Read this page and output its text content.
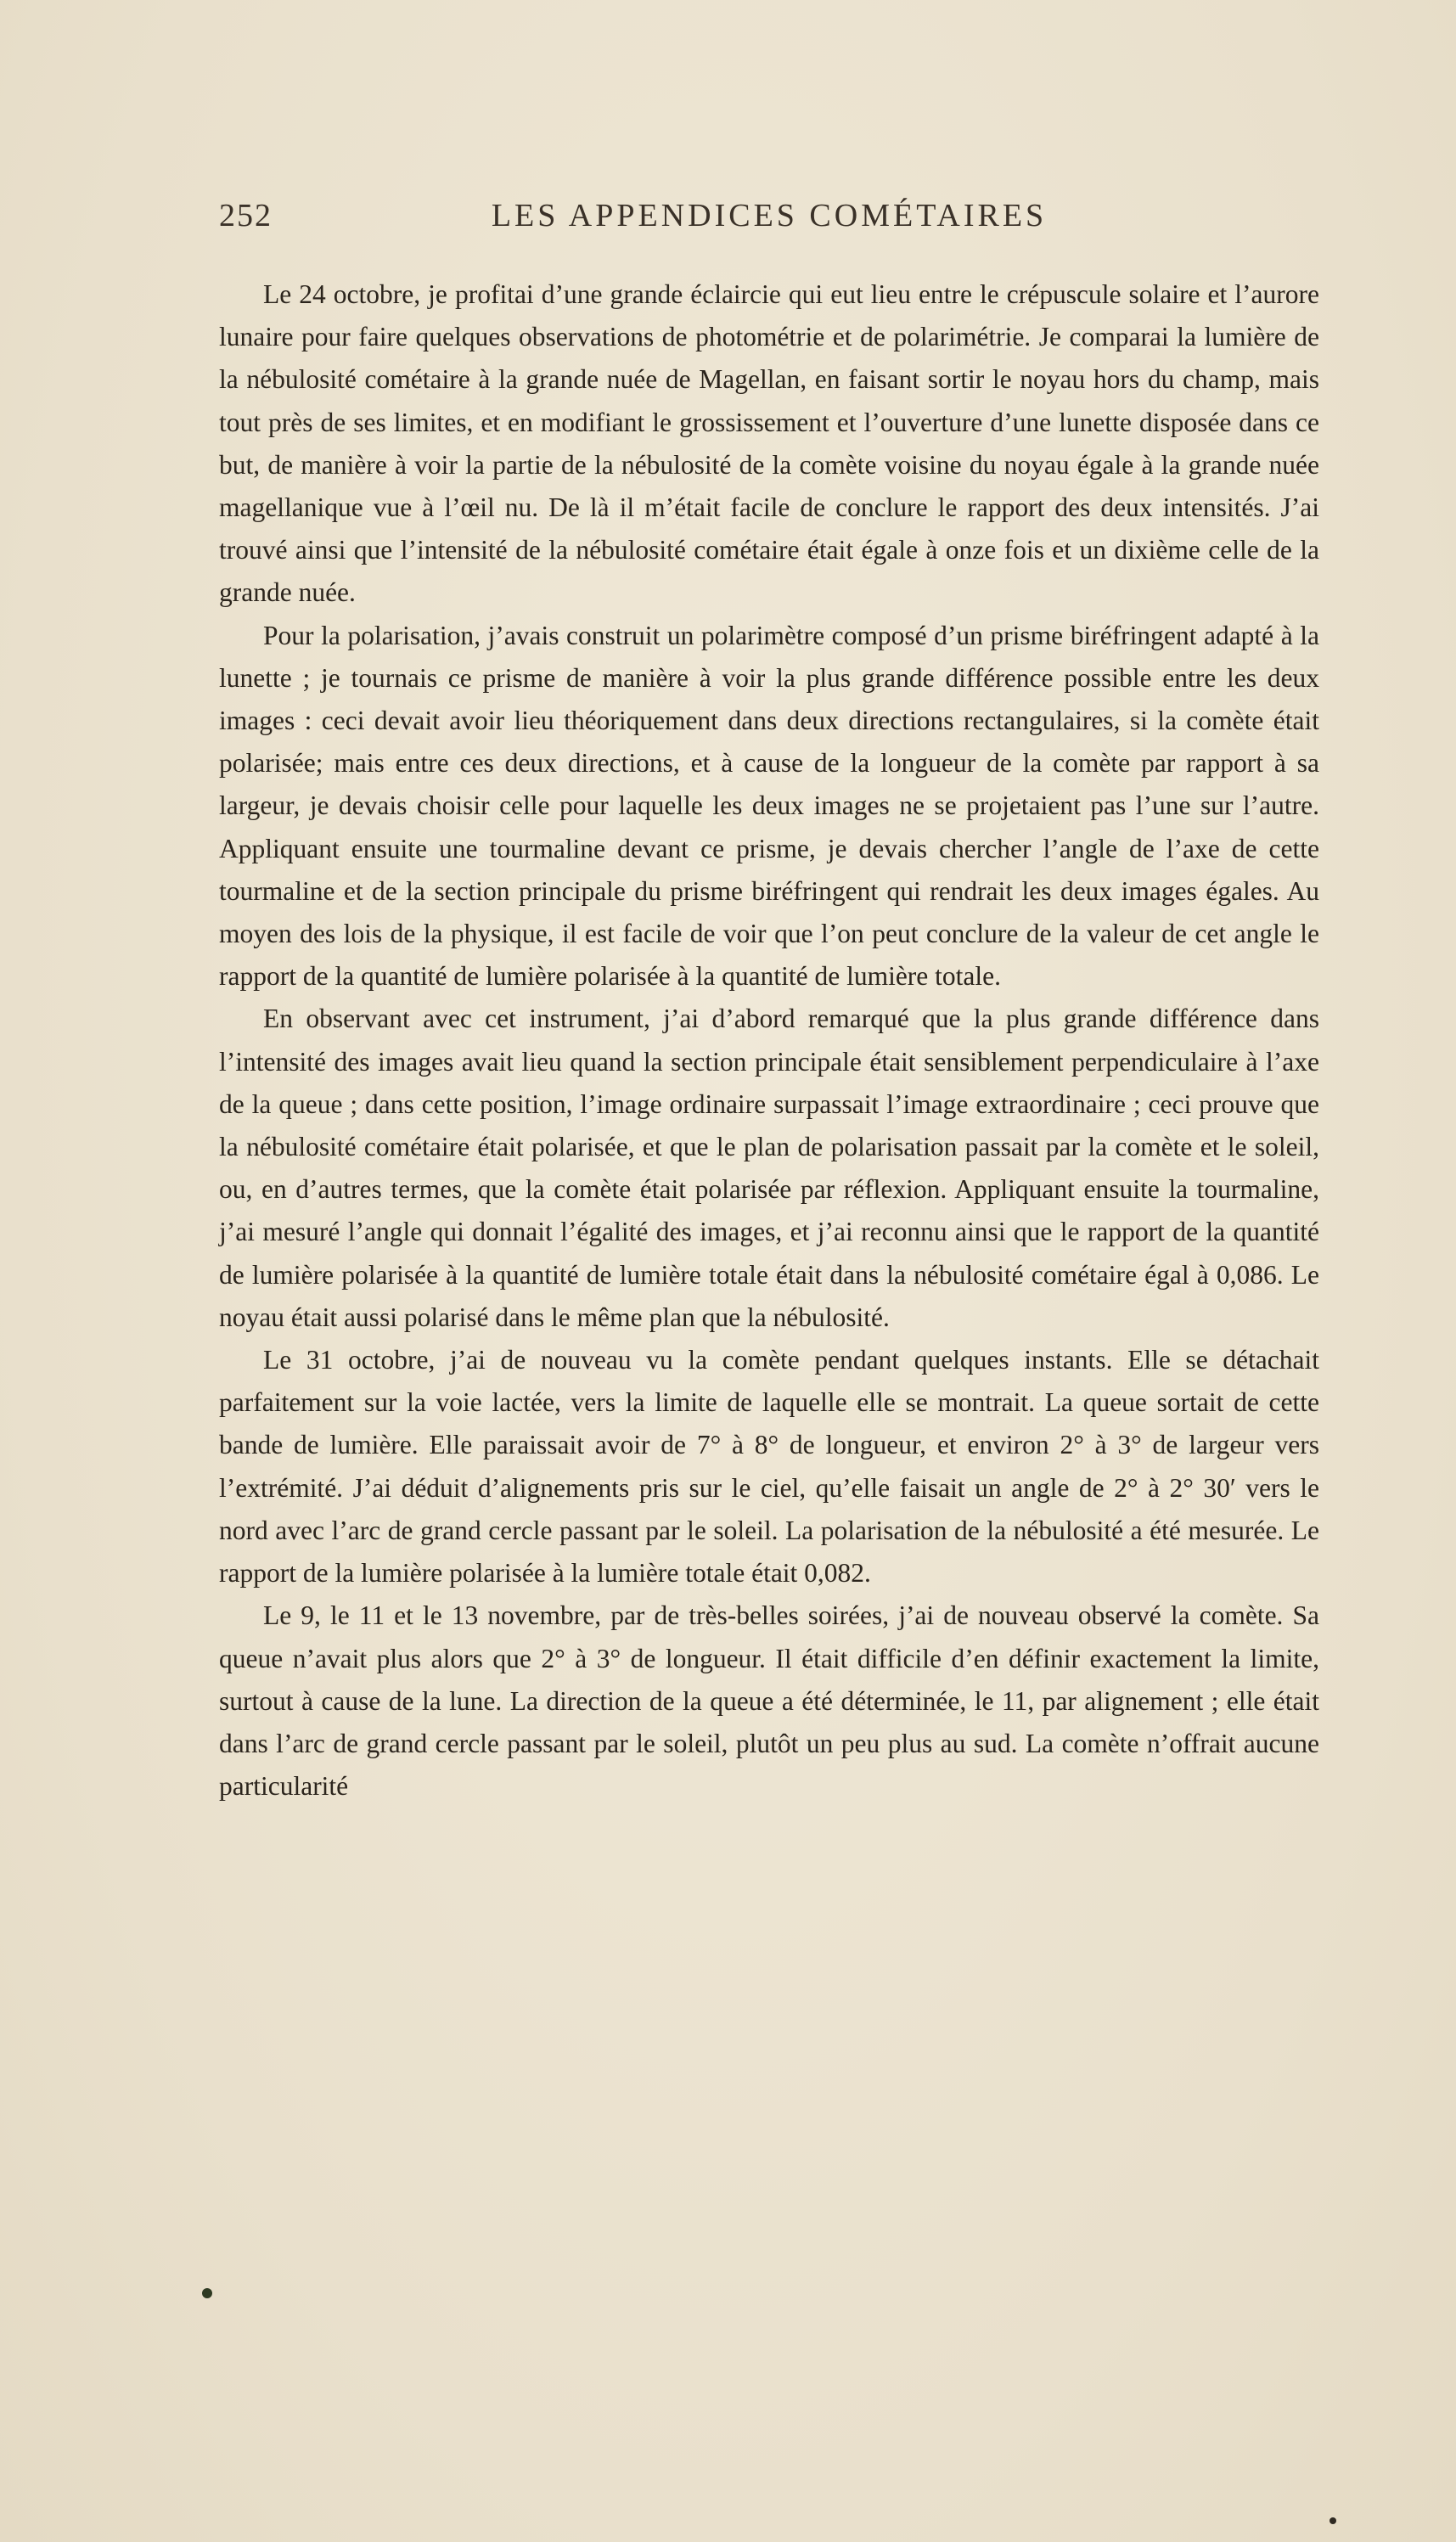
252	LES APPENDICES COMÉTAIRES

Le 24 octobre, je profitai d’une grande éclaircie qui eut lieu entre le crépuscule solaire et l’aurore lunaire pour faire quelques observations de photométrie et de polarimétrie. Je comparai la lumière de la nébulosité cométaire à la grande nuée de Magellan, en faisant sortir le noyau hors du champ, mais tout près de ses limites, et en modifiant le grossissement et l’ouverture d’une lunette disposée dans ce but, de manière à voir la partie de la nébulosité de la comète voisine du noyau égale à la grande nuée magellanique vue à l’œil nu. De là il m’était facile de conclure le rapport des deux intensités. J’ai trouvé ainsi que l’intensité de la nébulosité cométaire était égale à onze fois et un dixième celle de la grande nuée.

Pour la polarisation, j’avais construit un polarimètre composé d’un prisme biréfringent adapté à la lunette ; je tournais ce prisme de manière à voir la plus grande différence possible entre les deux images : ceci devait avoir lieu théoriquement dans deux directions rectangulaires, si la comète était polarisée; mais entre ces deux directions, et à cause de la longueur de la comète par rapport à sa largeur, je devais choisir celle pour laquelle les deux images ne se projetaient pas l’une sur l’autre. Appliquant ensuite une tourmaline devant ce prisme, je devais chercher l’angle de l’axe de cette tourmaline et de la section principale du prisme biréfringent qui rendrait les deux images égales. Au moyen des lois de la physique, il est facile de voir que l’on peut conclure de la valeur de cet angle le rapport de la quantité de lumière polarisée à la quantité de lumière totale.

En observant avec cet instrument, j’ai d’abord remarqué que la plus grande différence dans l’intensité des images avait lieu quand la section principale était sensiblement perpendiculaire à l’axe de la queue ; dans cette position, l’image ordinaire surpassait l’image extraordinaire ; ceci prouve que la nébulosité cométaire était polarisée, et que le plan de polarisation passait par la comète et le soleil, ou, en d’autres termes, que la comète était polarisée par réflexion. Appliquant ensuite la tourmaline, j’ai mesuré l’angle qui donnait l’égalité des images, et j’ai reconnu ainsi que le rapport de la quantité de lumière polarisée à la quantité de lumière totale était dans la nébulosité cométaire égal à 0,086. Le noyau était aussi polarisé dans le même plan que la nébulosité.

Le 31 octobre, j’ai de nouveau vu la comète pendant quelques instants. Elle se détachait parfaitement sur la voie lactée, vers la limite de laquelle elle se montrait. La queue sortait de cette bande de lumière. Elle paraissait avoir de 7° à 8° de longueur, et environ 2° à 3° de largeur vers l’extrémité. J’ai déduit d’alignements pris sur le ciel, qu’elle faisait un angle de 2° à 2° 30′ vers le nord avec l’arc de grand cercle passant par le soleil. La polarisation de la nébulosité a été mesurée. Le rapport de la lumière polarisée à la lumière totale était 0,082.

Le 9, le 11 et le 13 novembre, par de très-belles soirées, j’ai de nouveau observé la comète. Sa queue n’avait plus alors que 2° à 3° de longueur. Il était difficile d’en définir exactement la limite, surtout à cause de la lune. La direction de la queue a été déterminée, le 11, par alignement ; elle était dans l’arc de grand cercle passant par le soleil, plutôt un peu plus au sud. La comète n’offrait aucune particularité
